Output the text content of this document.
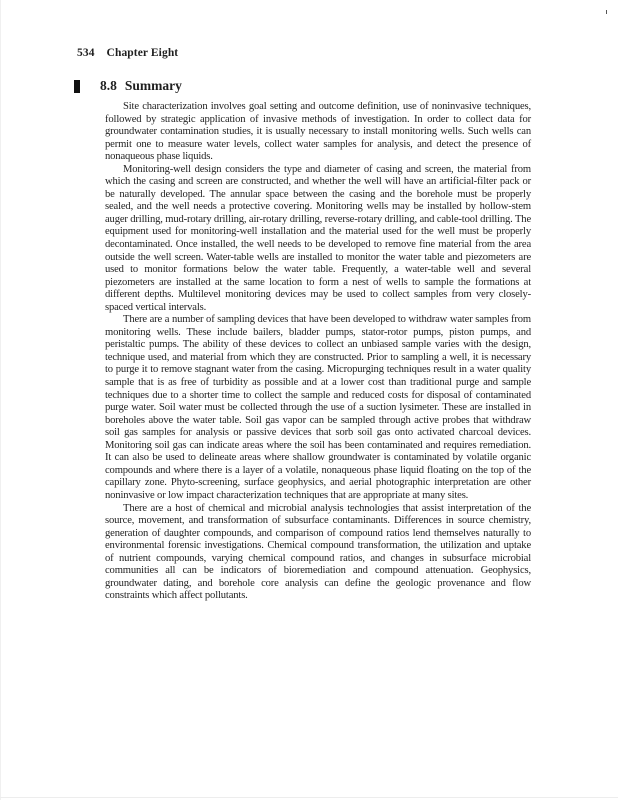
534 Chapter Eight
8.8 Summary

Site characterization involves goal setting and outcome definition, use of noninvasive techniques, followed by strategic application of invasive methods of investigation. In order to collect data for groundwater contamination studies, it is usually necessary to install monitoring wells. Such wells can permit one to measure water levels, collect water samples for analysis, and detect the presence of nonaqueous phase liquids.

Monitoring-well design considers the type and diameter of casing and screen, the material from which the casing and screen are constructed, and whether the well will have an artificial-filter pack or be naturally developed. The annular space between the casing and the borehole must be properly sealed, and the well needs a protective covering. Monitoring wells may be installed by hollow-stem auger drilling, mud-rotary drilling, air-rotary drilling, reverse-rotary drilling, and cable-tool drilling. The equipment used for monitoring-well installation and the material used for the well must be properly decontaminated. Once installed, the well needs to be developed to remove fine material from the area outside the well screen. Water-table wells are installed to monitor the water table and piezometers are used to monitor formations below the water table. Frequently, a water-table well and several piezometers are installed at the same location to form a nest of wells to sample the formations at different depths. Multilevel monitoring devices may be used to collect samples from very closely-spaced vertical intervals.

There are a number of sampling devices that have been developed to withdraw water samples from monitoring wells. These include bailers, bladder pumps, stator-rotor pumps, piston pumps, and peristaltic pumps. The ability of these devices to collect an unbiased sample varies with the design, technique used, and material from which they are constructed. Prior to sampling a well, it is necessary to purge it to remove stagnant water from the casing. Micropurging techniques result in a water quality sample that is as free of turbidity as possible and at a lower cost than traditional purge and sample techniques due to a shorter time to collect the sample and reduced costs for disposal of contaminated purge water. Soil water must be collected through the use of a suction lysimeter. These are installed in boreholes above the water table. Soil gas vapor can be sampled through active probes that withdraw soil gas samples for analysis or passive devices that sorb soil gas onto activated charcoal devices. Monitoring soil gas can indicate areas where the soil has been contaminated and requires remediation. It can also be used to delineate areas where shallow groundwater is contaminated by volatile organic compounds and where there is a layer of a volatile, nonaqueous phase liquid floating on the top of the capillary zone. Phyto-screening, surface geophysics, and aerial photographic interpretation are other noninvasive or low impact characterization techniques that are appropriate at many sites.

There are a host of chemical and microbial analysis technologies that assist interpretation of the source, movement, and transformation of subsurface contaminants. Differences in source chemistry, generation of daughter compounds, and comparison of compound ratios lend themselves naturally to environmental forensic investigations. Chemical compound transformation, the utilization and uptake of nutrient compounds, varying chemical compound ratios, and changes in subsurface microbial communities all can be indicators of bioremediation and compound attenuation. Geophysics, groundwater dating, and borehole core analysis can define the geologic provenance and flow constraints which affect pollutants.
